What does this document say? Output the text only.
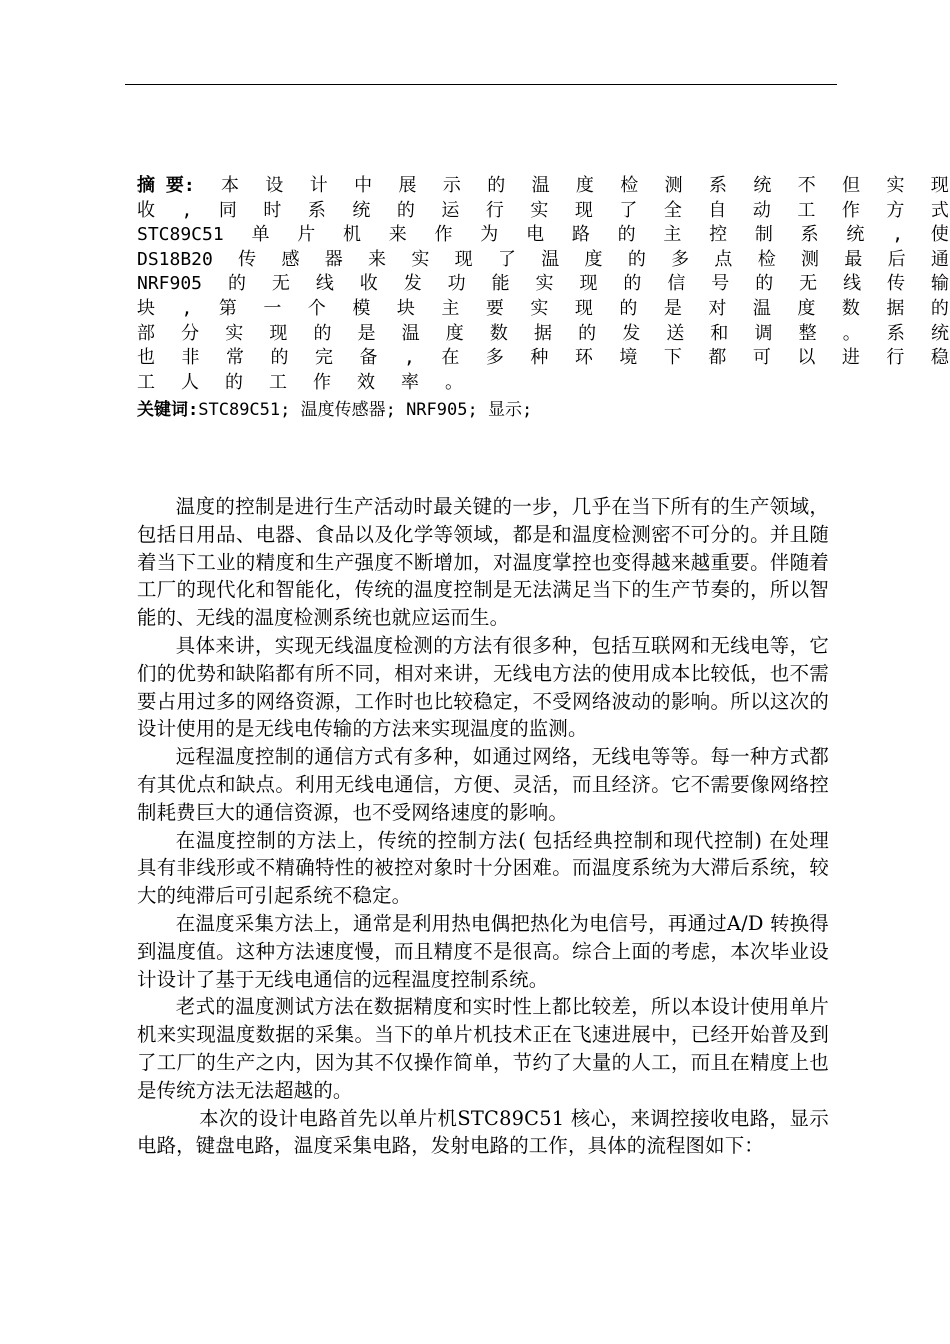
摘 要: 本 设 计 中 展 示 的 温 度 检 测 系 统 不 但 实 现
收 , 同 时 系 统 的 运 行 实 现 了 全 自 动 工 作 方 式
STC89C51 单 片 机 来 作 为 电 路 的 主 控 制 系 统 , 使
DS18B20 传 感 器 来 实 现 了 温 度 的 多 点 检 测 最 后 通
NRF905 的 无 线 收 发 功 能 实 现 的 信 号 的 无 线 传 输
块 , 第 一 个 模 块 主 要 实 现 的 是 对 温 度 数 据 的
部 分 实 现 的 是 温 度 数 据 的 发 送 和 调 整 。 系 统
也 非 常 的 完 备 , 在 多 种 环 境 下 都 可 以 进 行 稳
工 人 的 工 作 效 率 。
关键词:STC89C51; 温度传感器; NRF905; 显示;

温度的控制是进行生产活动时最关键的一步，几乎在当下所有的生产领域，包括日用品、电器、食品以及化学等领域，都是和温度检测密不可分的。并且随着当下工业的精度和生产强度不断增加，对温度掌控也变得越来越重要。伴随着工厂的现代化和智能化，传统的温度控制是无法满足当下的生产节奏的，所以智能的、无线的温度检测系统也就应运而生。

具体来讲，实现无线温度检测的方法有很多种，包括互联网和无线电等，它们的优势和缺陷都有所不同，相对来讲，无线电方法的使用成本比较低，也不需要占用过多的网络资源，工作时也比较稳定，不受网络波动的影响。所以这次的设计使用的是无线电传输的方法来实现温度的监测。

远程温度控制的通信方式有多种，如通过网络，无线电等等。每一种方式都有其优点和缺点。利用无线电通信，方便、灵活，而且经济。它不需要像网络控制耗费巨大的通信资源，也不受网络速度的影响。

在温度控制的方法上，传统的控制方法( 包括经典控制和现代控制) 在处理具有非线形或不精确特性的被控对象时十分困难。而温度系统为大滞后系统，较大的纯滞后可引起系统不稳定。

在温度采集方法上，通常是利用热电偶把热化为电信号，再通过A/D 转换得到温度值。这种方法速度慢，而且精度不是很高。综合上面的考虑，本次毕业设计设计了基于无线电通信的远程温度控制系统。

老式的温度测试方法在数据精度和实时性上都比较差，所以本设计使用单片机来实现温度数据的采集。当下的单片机技术正在飞速进展中，已经开始普及到了工厂的生产之内，因为其不仅操作简单，节约了大量的人工，而且在精度上也是传统方法无法超越的。

本次的设计电路首先以单片机STC89C51 核心，来调控接收电路，显示电路，键盘电路，温度采集电路，发射电路的工作，具体的流程图如下：
